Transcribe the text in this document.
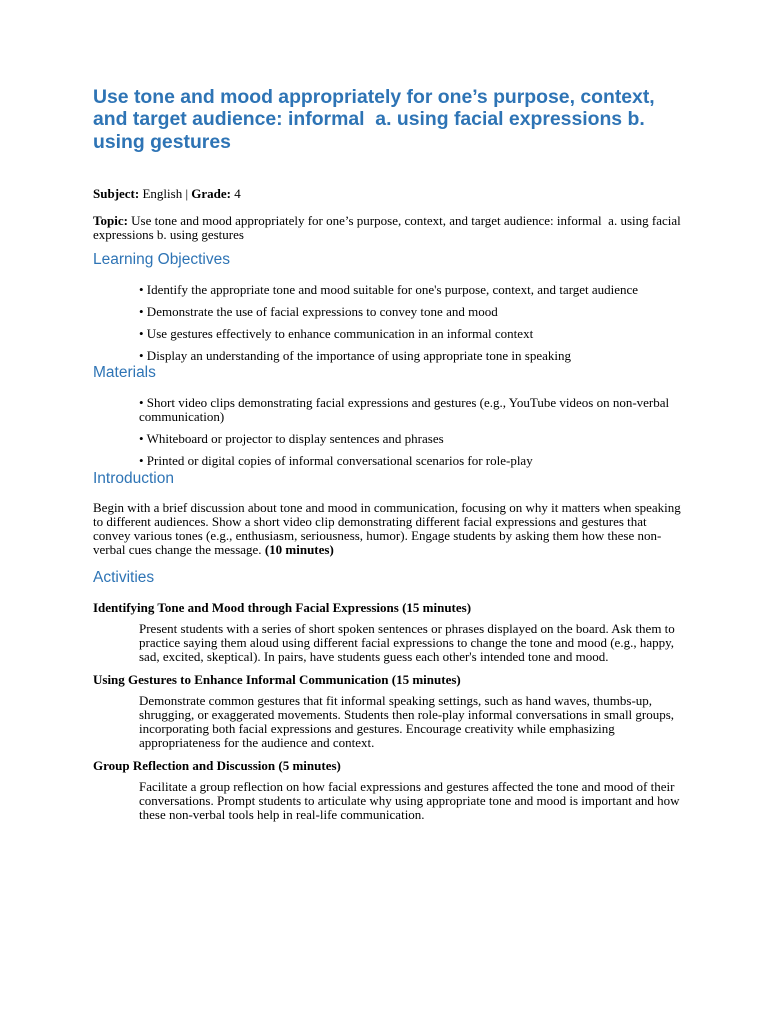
Use tone and mood appropriately for one’s purpose, context, and target audience: informal  a. using facial expressions b. using gestures

Subject: English | Grade: 4

Topic: Use tone and mood appropriately for one’s purpose, context, and target audience: informal  a. using facial expressions b. using gestures

Learning Objectives
• Identify the appropriate tone and mood suitable for one's purpose, context, and target audience
• Demonstrate the use of facial expressions to convey tone and mood
• Use gestures effectively to enhance communication in an informal context
• Display an understanding of the importance of using appropriate tone in speaking
Materials
• Short video clips demonstrating facial expressions and gestures (e.g., YouTube videos on non-verbal communication)
• Whiteboard or projector to display sentences and phrases
• Printed or digital copies of informal conversational scenarios for role-play
Introduction

Begin with a brief discussion about tone and mood in communication, focusing on why it matters when speaking to different audiences. Show a short video clip demonstrating different facial expressions and gestures that convey various tones (e.g., enthusiasm, seriousness, humor). Engage students by asking them how these non-verbal cues change the message. (10 minutes)

Activities

Identifying Tone and Mood through Facial Expressions (15 minutes)

Present students with a series of short spoken sentences or phrases displayed on the board. Ask them to practice saying them aloud using different facial expressions to change the tone and mood (e.g., happy, sad, excited, skeptical). In pairs, have students guess each other's intended tone and mood.

Using Gestures to Enhance Informal Communication (15 minutes)

Demonstrate common gestures that fit informal speaking settings, such as hand waves, thumbs-up, shrugging, or exaggerated movements. Students then role-play informal conversations in small groups, incorporating both facial expressions and gestures. Encourage creativity while emphasizing appropriateness for the audience and context.

Group Reflection and Discussion (5 minutes)

Facilitate a group reflection on how facial expressions and gestures affected the tone and mood of their conversations. Prompt students to articulate why using appropriate tone and mood is important and how these non-verbal tools help in real-life communication.
